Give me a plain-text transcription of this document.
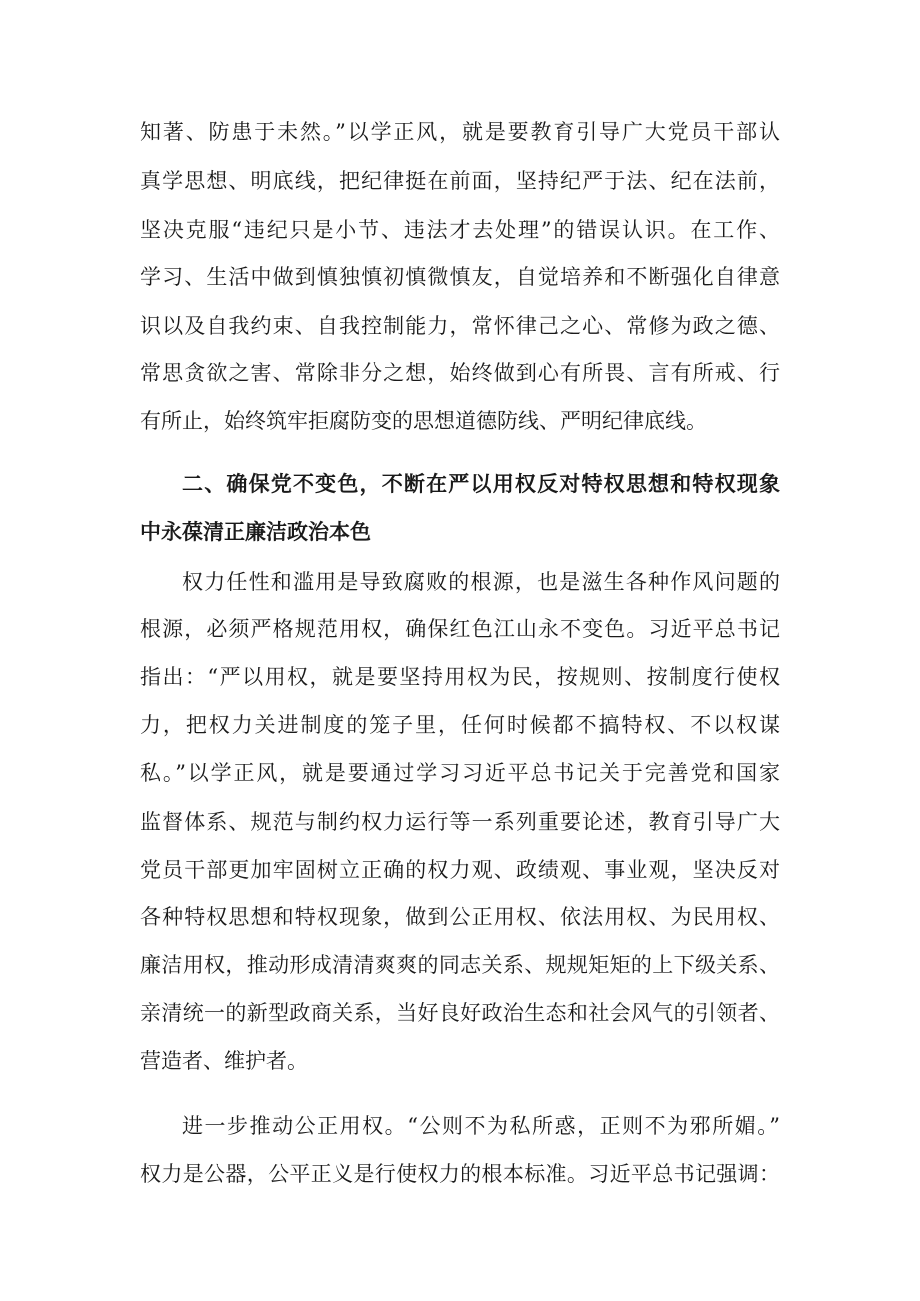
知著、防患于未然。”以学正风，就是要教育引导广大党员干部认

真学思想、明底线，把纪律挺在前面，坚持纪严于法、纪在法前，

坚决克服“违纪只是小节、违法才去处理”的错误认识。在工作、

学习、生活中做到慎独慎初慎微慎友，自觉培养和不断强化自律意

识以及自我约束、自我控制能力，常怀律己之心、常修为政之德、

常思贪欲之害、常除非分之想，始终做到心有所畏、言有所戒、行

有所止，始终筑牢拒腐防变的思想道德防线、严明纪律底线。

二、确保党不变色，不断在严以用权反对特权思想和特权现象

中永葆清正廉洁政治本色

权力任性和滥用是导致腐败的根源，也是滋生各种作风问题的

根源，必须严格规范用权，确保红色江山永不变色。习近平总书记

指出：“严以用权，就是要坚持用权为民，按规则、按制度行使权

力，把权力关进制度的笼子里，任何时候都不搞特权、不以权谋

私。”以学正风，就是要通过学习习近平总书记关于完善党和国家

监督体系、规范与制约权力运行等一系列重要论述，教育引导广大

党员干部更加牢固树立正确的权力观、政绩观、事业观，坚决反对

各种特权思想和特权现象，做到公正用权、依法用权、为民用权、

廉洁用权，推动形成清清爽爽的同志关系、规规矩矩的上下级关系、

亲清统一的新型政商关系，当好良好政治生态和社会风气的引领者、

营造者、维护者。

进一步推动公正用权。“公则不为私所惑，正则不为邪所媚。”

权力是公器，公平正义是行使权力的根本标准。习近平总书记强调：
